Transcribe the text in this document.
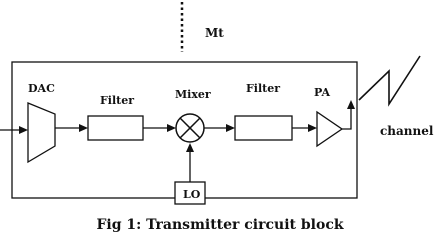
Mt
DAC
Filter	Mixer	Filter	PA
channel
LO
Fig 1: Transmitter circuit block
